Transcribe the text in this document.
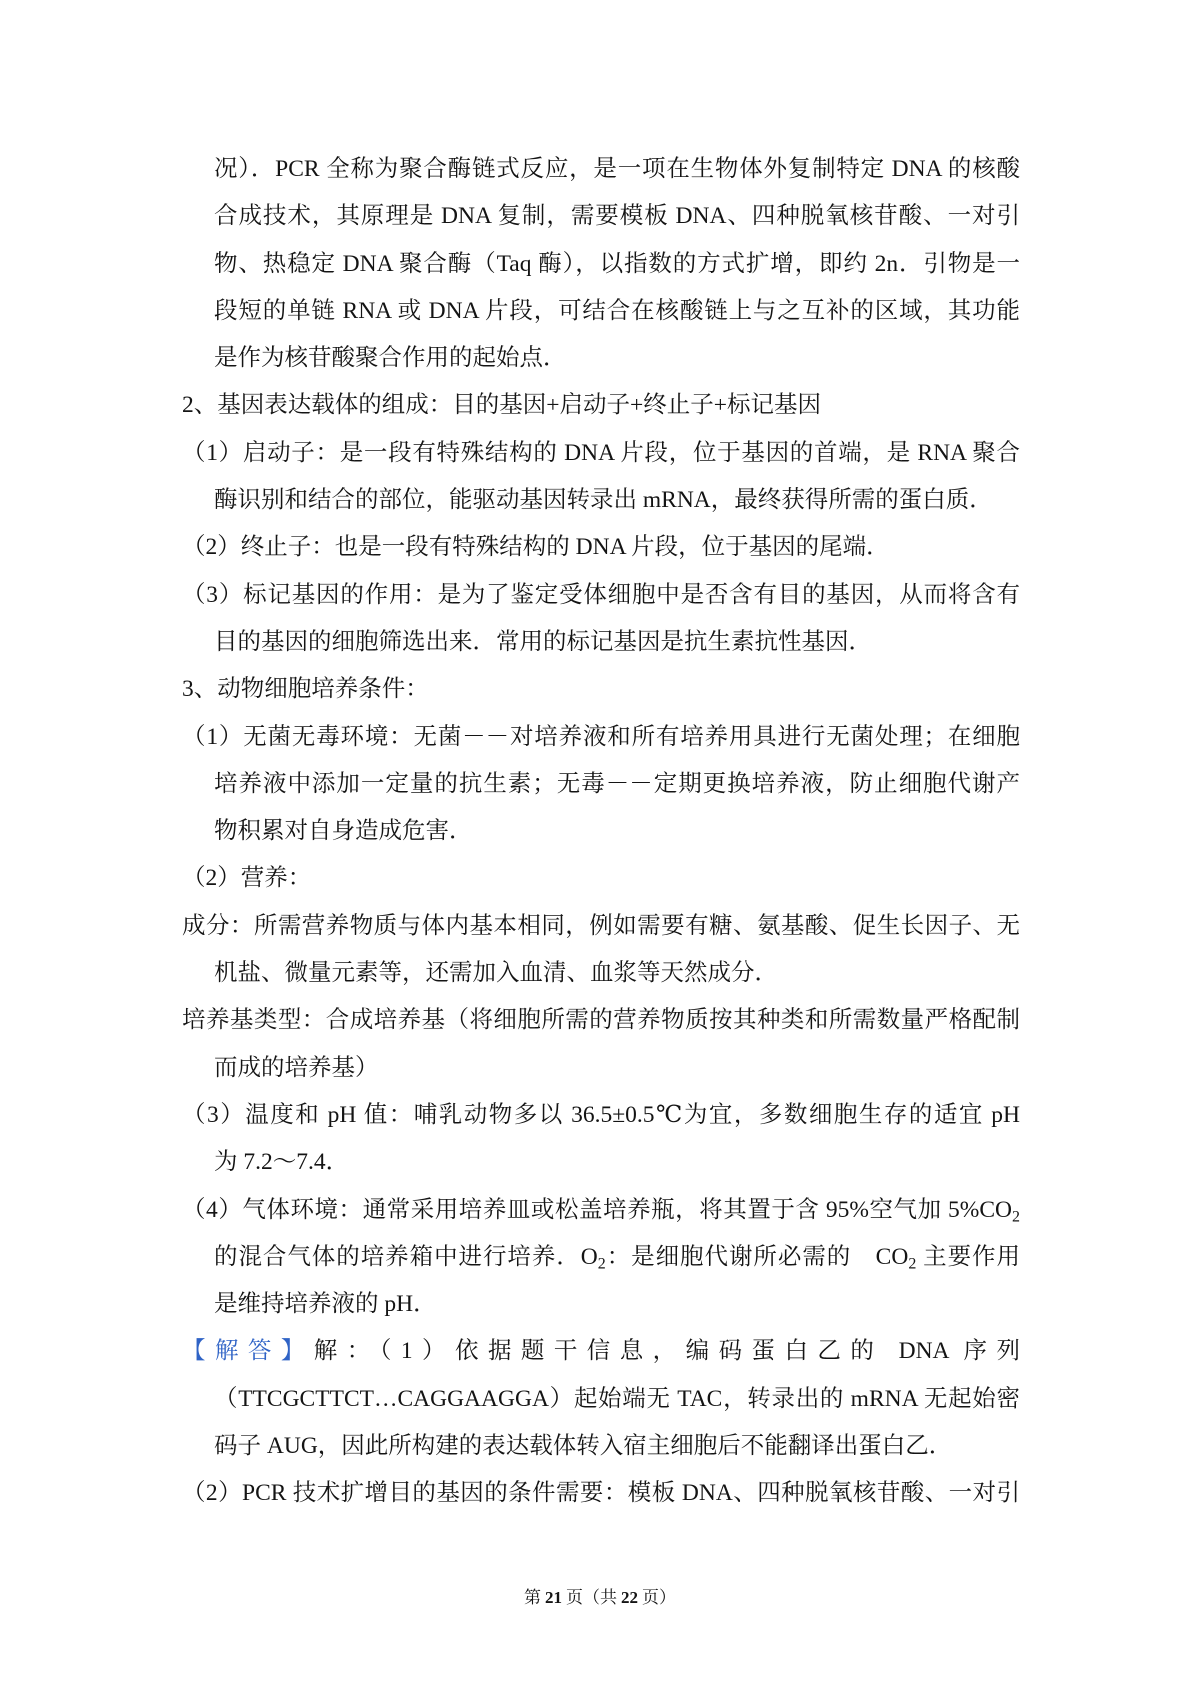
况）．PCR 全称为聚合酶链式反应，是一项在生物体外复制特定 DNA 的核酸
合成技术，其原理是 DNA 复制，需要模板 DNA、四种脱氧核苷酸、一对引
物、热稳定 DNA 聚合酶（Taq 酶），以指数的方式扩增，即约 2n．引物是一
段短的单链 RNA 或 DNA 片段，可结合在核酸链上与之互补的区域，其功能
是作为核苷酸聚合作用的起始点．
2、基因表达载体的组成：目的基因+启动子+终止子+标记基因
（1）启动子：是一段有特殊结构的 DNA 片段，位于基因的首端，是 RNA 聚合
酶识别和结合的部位，能驱动基因转录出 mRNA，最终获得所需的蛋白质．
（2）终止子：也是一段有特殊结构的 DNA 片段，位于基因的尾端．
（3）标记基因的作用：是为了鉴定受体细胞中是否含有目的基因，从而将含有
目的基因的细胞筛选出来．常用的标记基因是抗生素抗性基因．
3、动物细胞培养条件：
（1）无菌无毒环境：无菌－－对培养液和所有培养用具进行无菌处理；在细胞
培养液中添加一定量的抗生素；无毒－－定期更换培养液，防止细胞代谢产
物积累对自身造成危害．
（2）营养：
成分：所需营养物质与体内基本相同，例如需要有糖、氨基酸、促生长因子、无
机盐、微量元素等，还需加入血清、血浆等天然成分．
培养基类型：合成培养基（将细胞所需的营养物质按其种类和所需数量严格配制
而成的培养基）
（3）温度和 pH 值：哺乳动物多以 36.5±0.5℃为宜，多数细胞生存的适宜 pH
为 7.2～7.4．
（4）气体环境：通常采用培养皿或松盖培养瓶，将其置于含 95%空气加 $5\%CO_2$
的混合气体的培养箱中进行培养．$O_2$：是细胞代谢所必需的　$CO_2$ 主要作用
是维持培养液的 pH．
【解答】解：（1）依据题干信息，编码蛋白乙的 DNA 序列
（TTCGCTTCT…CAGGAAGGA）起始端无 TAC，转录出的 mRNA 无起始密
码子 AUG，因此所构建的表达载体转入宿主细胞后不能翻译出蛋白乙．
（2）PCR 技术扩增目的基因的条件需要：模板 DNA、四种脱氧核苷酸、一对引
第 21 页（共 22 页）
